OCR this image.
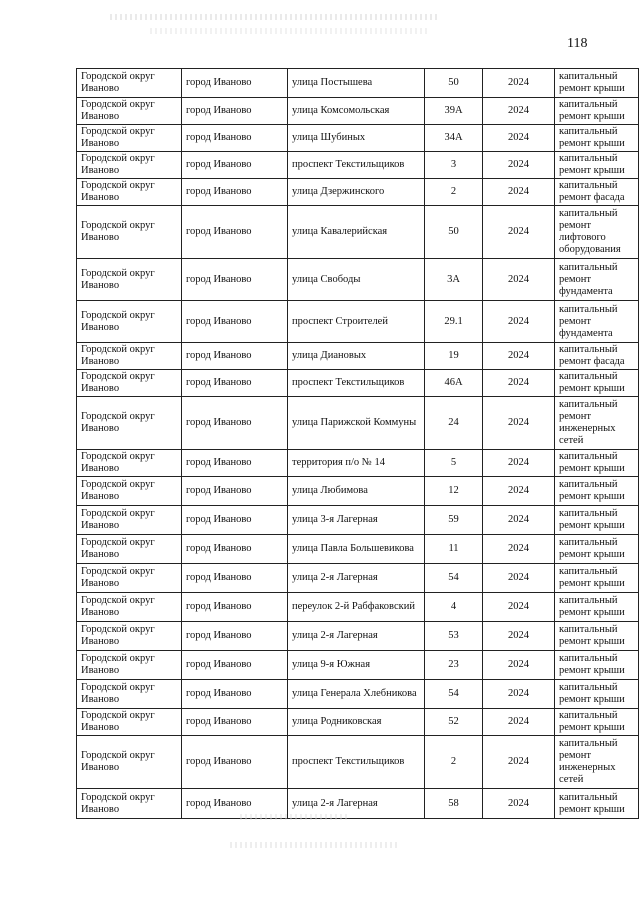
118
Городской округ Иваново	город Иваново	улица Постышева	50	2024	капитальный ремонт крыши
Городской округ Иваново	город Иваново	улица Комсомольская	39А	2024	капитальный ремонт крыши
Городской округ Иваново	город Иваново	улица Шубиных	34А	2024	капитальный ремонт крыши
Городской округ Иваново	город Иваново	проспект Текстильщиков	3	2024	капитальный ремонт крыши
Городской округ Иваново	город Иваново	улица Дзержинского	2	2024	капитальный ремонт фасада
Городской округ Иваново	город Иваново	улица Кавалерийская	50	2024	капитальный ремонт лифтового оборудования
Городской округ Иваново	город Иваново	улица Свободы	3А	2024	капитальный ремонт фундамента
Городской округ Иваново	город Иваново	проспект Строителей	29.1	2024	капитальный ремонт фундамента
Городской округ Иваново	город Иваново	улица Диановых	19	2024	капитальный ремонт фасада
Городской округ Иваново	город Иваново	проспект Текстильщиков	46А	2024	капитальный ремонт крыши
Городской округ Иваново	город Иваново	улица Парижской Коммуны	24	2024	капитальный ремонт инженерных сетей
Городской округ Иваново	город Иваново	территория п/о № 14	5	2024	капитальный ремонт крыши
Городской округ Иваново	город Иваново	улица Любимова	12	2024	капитальный ремонт крыши
Городской округ Иваново	город Иваново	улица 3-я Лагерная	59	2024	капитальный ремонт крыши
Городской округ Иваново	город Иваново	улица Павла Большевикова	11	2024	капитальный ремонт крыши
Городской округ Иваново	город Иваново	улица 2-я Лагерная	54	2024	капитальный ремонт крыши
Городской округ Иваново	город Иваново	переулок 2-й Рабфаковский	4	2024	капитальный ремонт крыши
Городской округ Иваново	город Иваново	улица 2-я Лагерная	53	2024	капитальный ремонт крыши
Городской округ Иваново	город Иваново	улица 9-я Южная	23	2024	капитальный ремонт крыши
Городской округ Иваново	город Иваново	улица Генерала Хлебникова	54	2024	капитальный ремонт крыши
Городской округ Иваново	город Иваново	улица Родниковская	52	2024	капитальный ремонт крыши
Городской округ Иваново	город Иваново	проспект Текстильщиков	2	2024	капитальный ремонт инженерных сетей
Городской округ Иваново	город Иваново	улица 2-я Лагерная	58	2024	капитальный ремонт крыши
